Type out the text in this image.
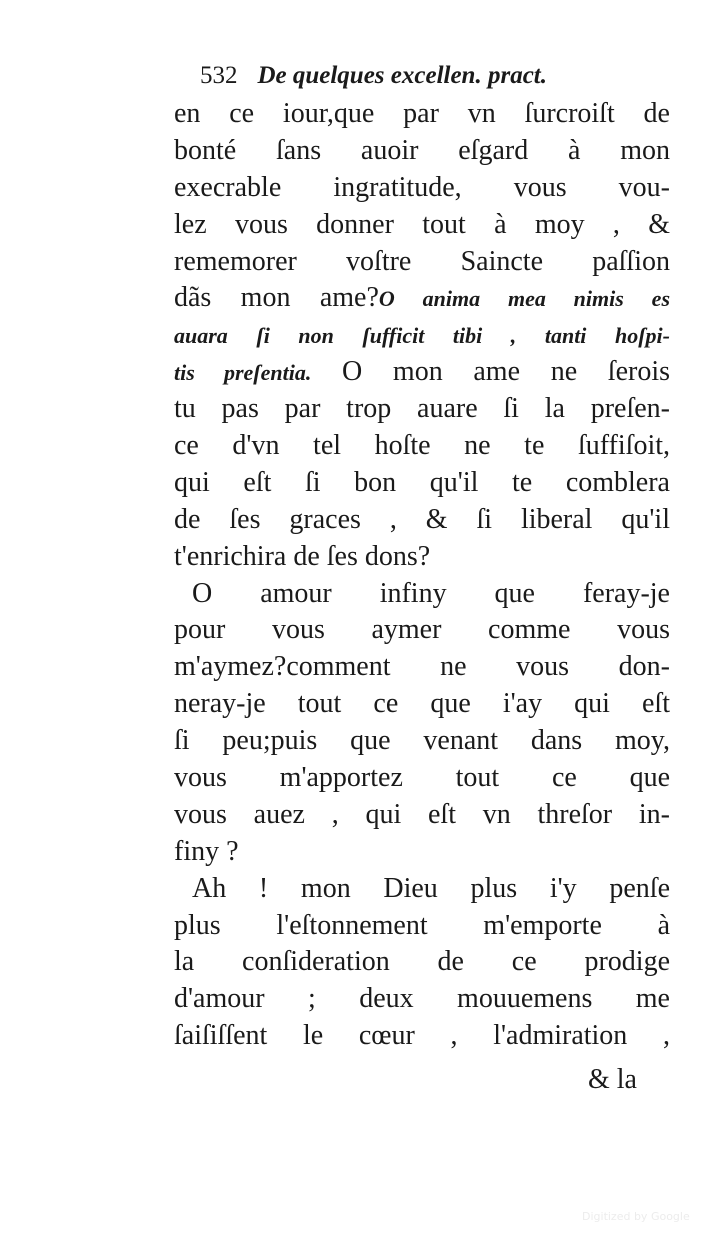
532 De quelques excellen. pract.
en ce iour,que par vn ſurcroiſt de
bonté ſans auoir eſgard à mon
execrable ingratitude, vous vou-
lez vous donner tout à moy , &
rememorer voſtre Saincte paſſion
dãs mon ame?O anima mea nimis es
auara ſi non ſufficit tibi , tanti hoſpi-
tis preſentia. O mon ame ne ſerois
tu pas par trop auare ſi la preſen-
ce d'vn tel hoſte ne te ſuffiſoit,
qui eſt ſi bon qu'il te comblera
de ſes graces , & ſi liberal qu'il
t'enrichira de ſes dons?
O amour infiny que feray-je
pour vous aymer comme vous
m'aymez?comment ne vous don-
neray-je tout ce que i'ay qui eſt
ſi peu;puis que venant dans moy,
vous m'apportez tout ce que
vous auez , qui eſt vn threſor in-
finy ?
Ah ! mon Dieu plus i'y penſe
plus l'eſtonnement m'emporte à
la conſideration de ce prodige
d'amour ; deux mouuemens me
ſaiſiſſent le cœur , l'admiration ,
& la
Digitized by Google
